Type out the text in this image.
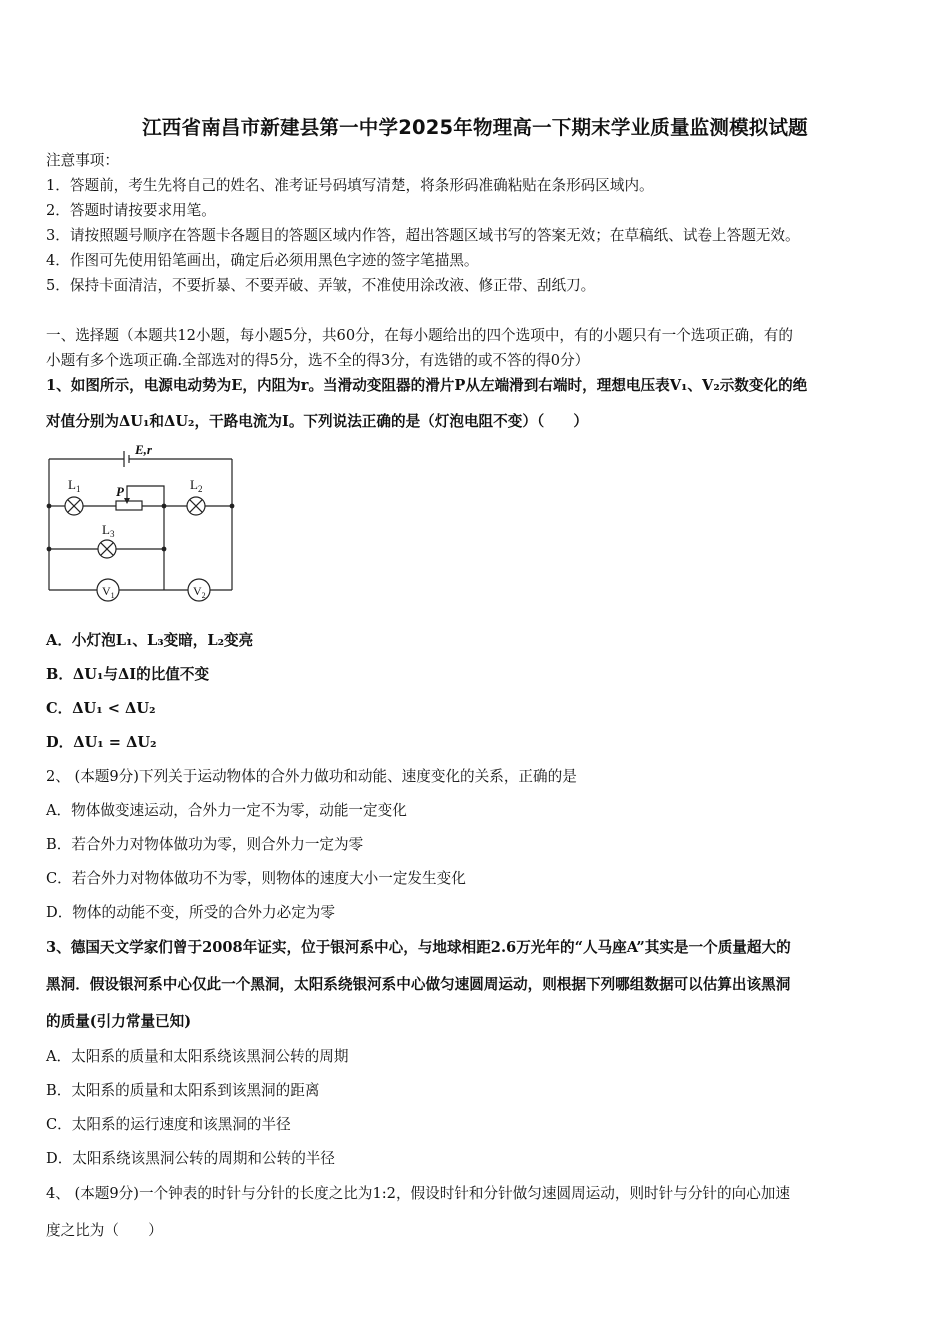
江西省南昌市新建县第一中学2025年物理高一下期末学业质量监测模拟试题
注意事项：
1．答题前，考生先将自己的姓名、准考证号码填写清楚，将条形码准确粘贴在条形码区域内。
2．答题时请按要求用笔。
3．请按照题号顺序在答题卡各题目的答题区域内作答，超出答题区域书写的答案无效；在草稿纸、试卷上答题无效。
4．作图可先使用铅笔画出，确定后必须用黑色字迹的签字笔描黑。
5．保持卡面清洁，不要折暴、不要弄破、弄皱，不准使用涂改液、修正带、刮纸刀。
一、选择题（本题共12小题，每小题5分，共60分，在每小题给出的四个选项中，有的小题只有一个选项正确，有的
小题有多个选项正确.全部选对的得5分，选不全的得3分，有选错的或不答的得0分）
1、如图所示，电源电动势为E，内阻为r。当滑动变阻器的滑片P从左端滑到右端时，理想电压表V₁、V₂示数变化的绝
对值分别为ΔU₁和ΔU₂，干路电流为I。下列说法正确的是（灯泡电阻不变）（　　）
E,r
$L_1$	$L_2$
$L_3$
P
$V_1$	$V_2$
A．小灯泡L₁、L₃变暗，L₂变亮
B．ΔU₁与ΔI的比值不变
C．ΔU₁ < ΔU₂
D．ΔU₁ = ΔU₂
2、 (本题9分)下列关于运动物体的合外力做功和动能、速度变化的关系，正确的是
A．物体做变速运动，合外力一定不为零，动能一定变化
B．若合外力对物体做功为零，则合外力一定为零
C．若合外力对物体做功不为零，则物体的速度大小一定发生变化
D．物体的动能不变，所受的合外力必定为零
3、德国天文学家们曾于2008年证实，位于银河系中心，与地球相距2.6万光年的“人马座A”其实是一个质量超大的
黑洞．假设银河系中心仅此一个黑洞，太阳系绕银河系中心做匀速圆周运动，则根据下列哪组数据可以估算出该黑洞
的质量(引力常量已知)
A．太阳系的质量和太阳系绕该黑洞公转的周期
B．太阳系的质量和太阳系到该黑洞的距离
C．太阳系的运行速度和该黑洞的半径
D．太阳系绕该黑洞公转的周期和公转的半径
4、 (本题9分)一个钟表的时针与分针的长度之比为1:2，假设时针和分针做匀速圆周运动，则时针与分针的向心加速
度之比为（　　）
